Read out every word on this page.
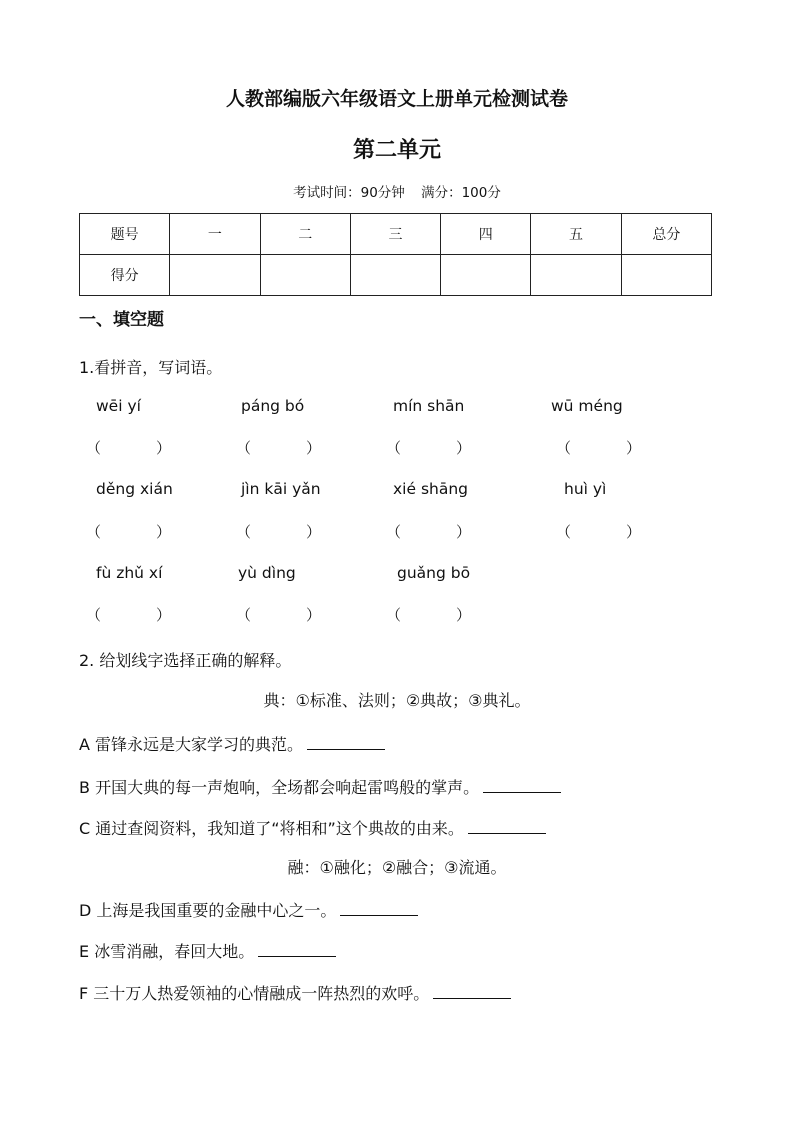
人教部编版六年级语文上册单元检测试卷
第二单元
考试时间：90分钟 满分：100分
题号	一	二	三	四	五	总分
得分						
一、填空题
1.看拼音，写词语。
wēi yí	páng bó	mín shān	wū méng
（	）	（	）	（	）	（	）
děng xián	jìn kāi yǎn	xié shāng	huì yì
（	）	（	）	（	）	（	）
fù zhǔ xí	yù dìng	guǎng bō
（	）	（	）	（	）
2. 给划线字选择正确的解释。
典：①标准、法则；②典故；③典礼。
A 雷锋永远是大家学习的典范。
B 开国大典的每一声炮响，全场都会响起雷鸣般的掌声。
C 通过查阅资料，我知道了“将相和”这个典故的由来。
融：①融化；②融合；③流通。
D 上海是我国重要的金融中心之一。
E 冰雪消融，春回大地。
F 三十万人热爱领袖的心情融成一阵热烈的欢呼。
